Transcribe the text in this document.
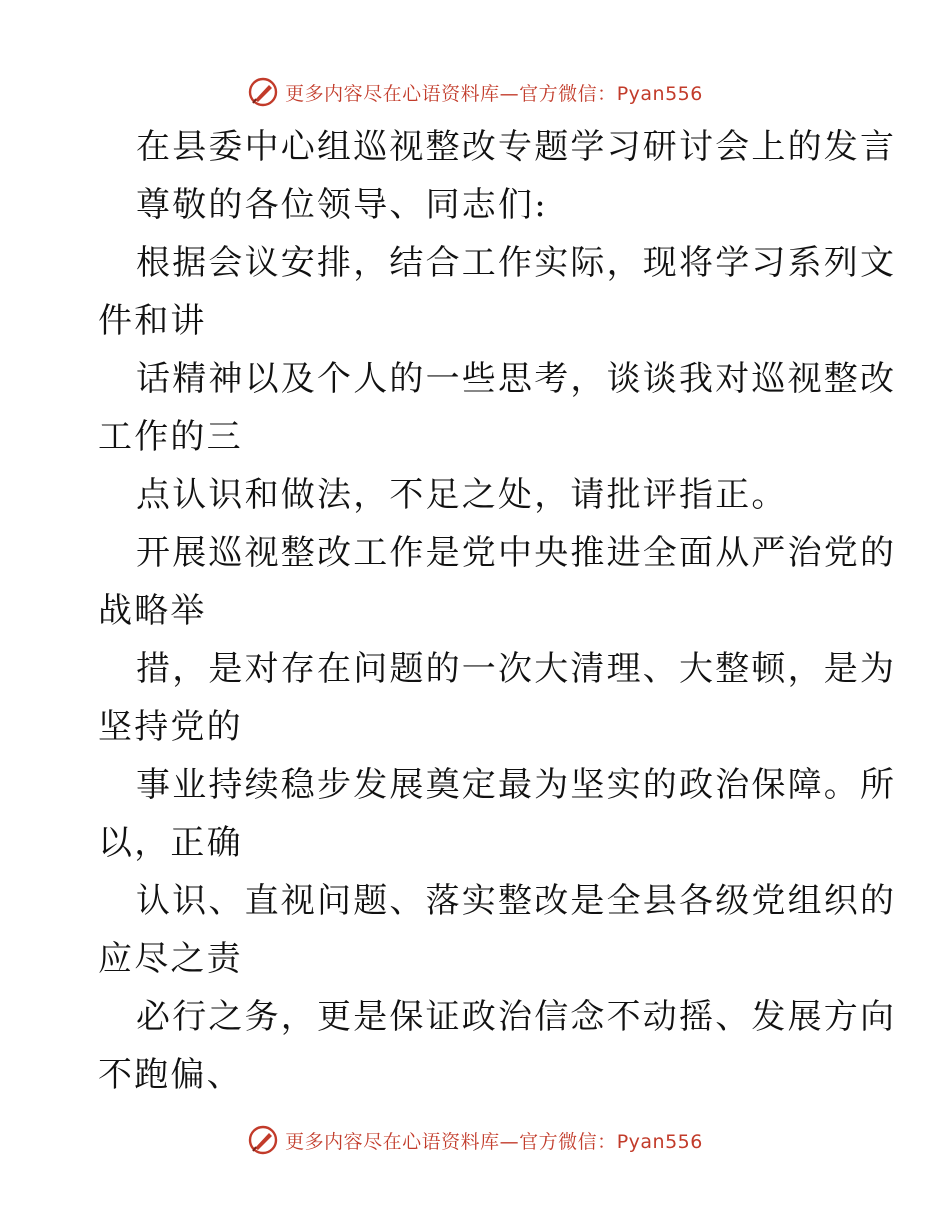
更多内容尽在心语资料库—官方微信：Pyan556
在县委中心组巡视整改专题学习研讨会上的发言
尊敬的各位领导、同志们:
根据会议安排，结合工作实际，现将学习系列文
件和讲
话精神以及个人的一些思考，谈谈我对巡视整改
工作的三
点认识和做法，不足之处，请批评指正。
开展巡视整改工作是党中央推进全面从严治党的
战略举
措，是对存在问题的一次大清理、大整顿，是为
坚持党的
事业持续稳步发展奠定最为坚实的政治保障。所
以，正确
认识、直视问题、落实整改是全县各级党组织的
应尽之责
必行之务，更是保证政治信念不动摇、发展方向
不跑偏、
更多内容尽在心语资料库—官方微信：Pyan556
